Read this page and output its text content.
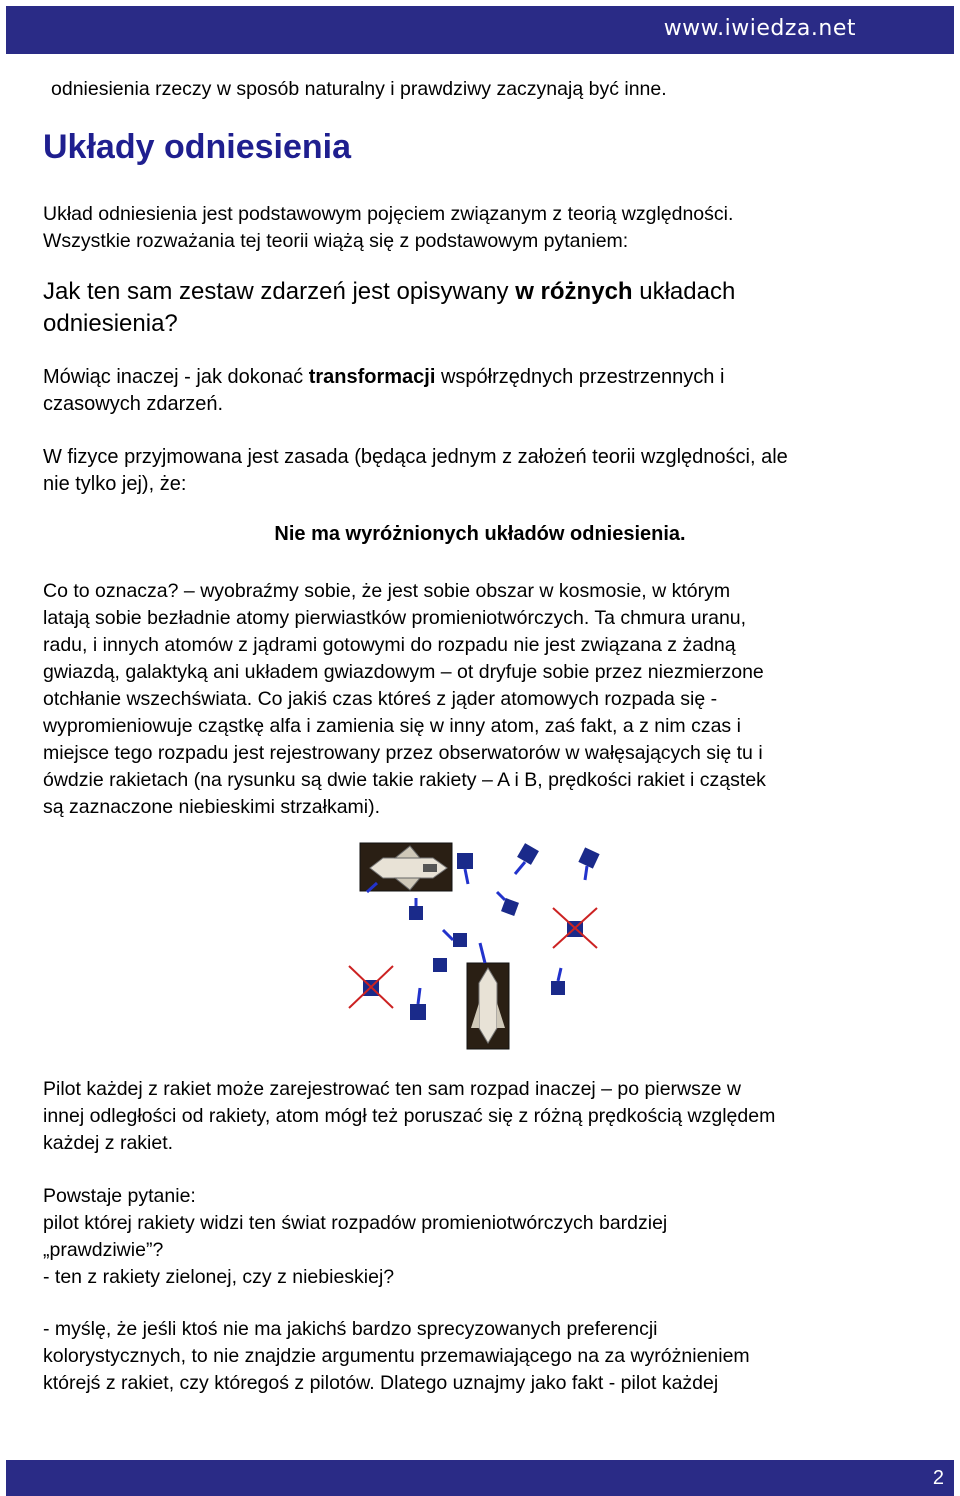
www.iwiedza.net
odniesienia rzeczy w sposób naturalny i prawdziwy zaczynają być inne.
Układy odniesienia
Układ odniesienia jest podstawowym pojęciem związanym z teorią względności.
Wszystkie rozważania tej teorii wiążą się z podstawowym pytaniem:
Jak ten sam zestaw zdarzeń jest opisywany w różnych układach
odniesienia?
Mówiąc inaczej - jak dokonać transformacji współrzędnych przestrzennych i
czasowych zdarzeń.
W fizyce przyjmowana jest zasada (będąca jednym z założeń teorii względności, ale
nie tylko jej), że:
Nie ma wyróżnionych układów odniesienia.
Co to oznacza? – wyobraźmy sobie, że jest sobie obszar w kosmosie, w którym
latają sobie bezładnie atomy pierwiastków promieniotwórczych. Ta chmura uranu,
radu, i innych atomów z jądrami gotowymi do rozpadu nie jest związana z żadną
gwiazdą, galaktyką ani układem gwiazdowym – ot dryfuje sobie przez niezmierzone
otchłanie wszechświata. Co jakiś czas któreś z jąder atomowych rozpada się -
wypromieniowuje cząstkę alfa i zamienia się w inny atom, zaś fakt, a z nim czas i
miejsce tego rozpadu jest rejestrowany przez obserwatorów w wałęsających się tu i
ówdzie rakietach (na rysunku są dwie takie rakiety – A i B, prędkości rakiet i cząstek
są zaznaczone niebieskimi strzałkami).
Pilot każdej z rakiet może zarejestrować ten sam rozpad inaczej – po pierwsze w
innej odległości od rakiety, atom mógł też poruszać się z różną prędkością względem
każdej z rakiet.
Powstaje pytanie:
pilot której rakiety widzi ten świat rozpadów promieniotwórczych bardziej
„prawdziwie”?
- ten z rakiety zielonej, czy z niebieskiej?
- myślę, że jeśli ktoś nie ma jakichś bardzo sprecyzowanych preferencji
kolorystycznych, to nie znajdzie argumentu przemawiającego na za wyróżnieniem
którejś z rakiet, czy któregoś z pilotów. Dlatego uznajmy jako fakt - pilot każdej
2
